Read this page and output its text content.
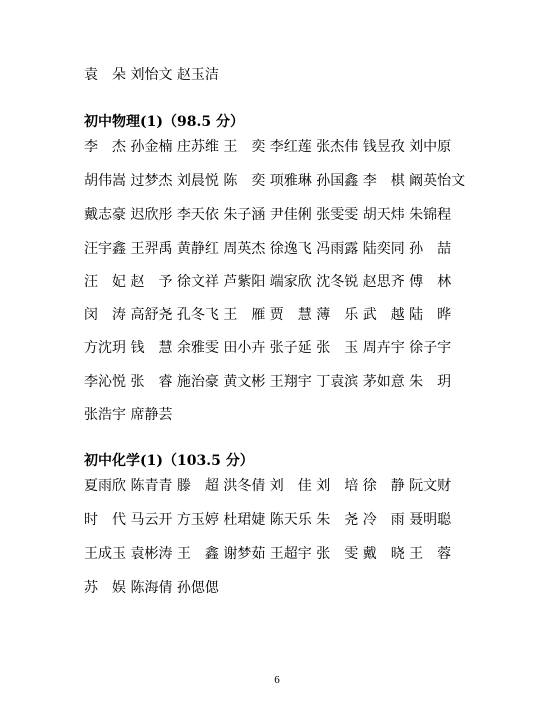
袁　朵 刘怡文 赵玉洁
初中物理(1)（98.5 分）
李　杰 孙金楠 庄苏维 王　奕 李红莲 张杰伟 钱昱孜 刘中原
胡伟嵩 过梦杰 刘晨悦 陈　奕 项雅琳 孙国鑫 李　棋 阚英怡文
戴志豪 迟欣彤 李天依 朱子涵 尹佳俐 张雯雯 胡天炜 朱锦程
汪宇鑫 王羿禹 黄静红 周英杰 徐逸飞 冯雨露 陆奕同 孙　喆
汪　妃 赵　予 徐文祥 芦紫阳 端家欣 沈冬锐 赵思齐 傅　林
闵　涛 高舒尧 孔冬飞 王　雁 贾　慧 薄　乐 武　越 陆　晔
方沈玥 钱　慧 余雅雯 田小卉 张子延 张　玉 周卉宇 徐子宇
李沁悦 张　睿 施治豪 黄文彬 王翔宇 丁袁滨 茅如意 朱　玥
张浩宇 席静芸
初中化学(1)（103.5 分）
夏雨欣 陈青青 滕　超 洪冬倩 刘　佳 刘　培 徐　静 阮文财
时　代 马云开 方玉婷 杜珺婕 陈天乐 朱　尧 冷　雨 聂明聪
王成玉 袁彬涛 王　鑫 谢梦茹 王超宇 张　雯 戴　晓 王　蓉
苏　娱 陈海倩 孙偲偲
6
